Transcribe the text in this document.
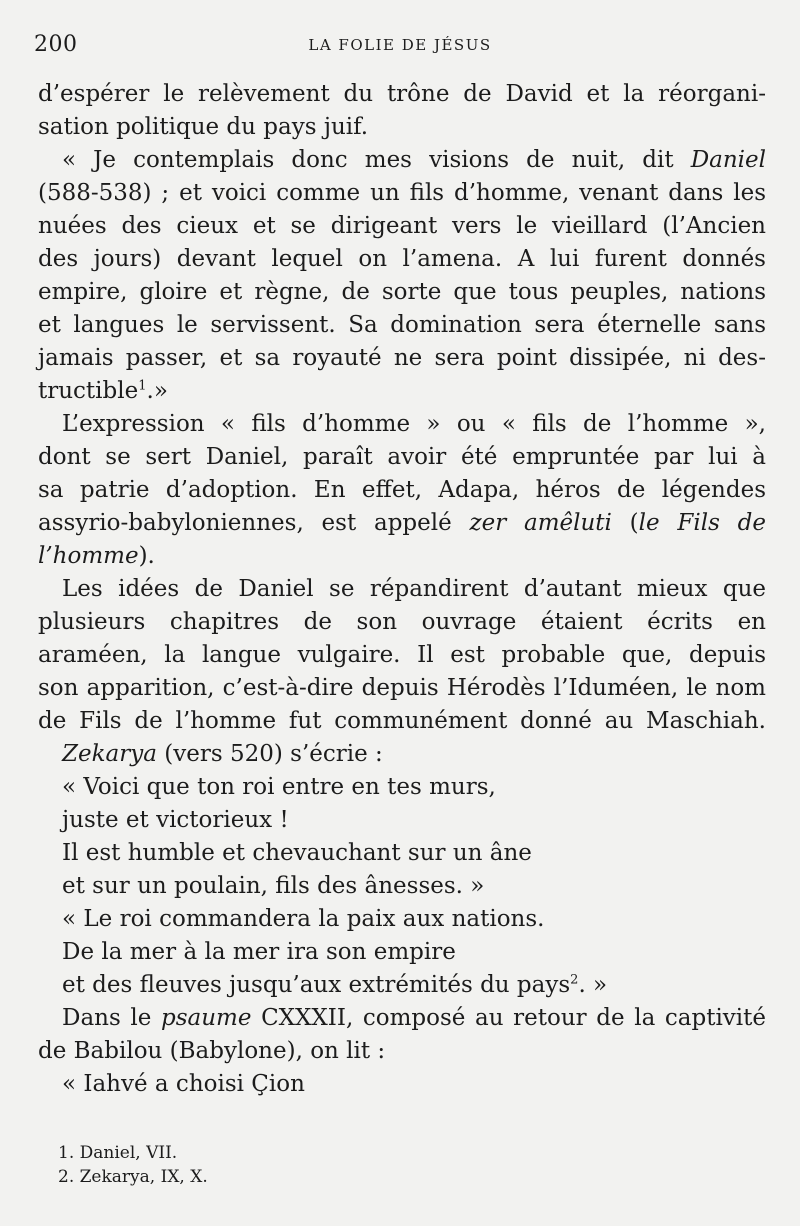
200	LA FOLIE DE JÉSUS
d’espérer le relèvement du trône de David et la réorgani-
sation politique du pays juif.
« Je contemplais donc mes visions de nuit, dit Daniel
(588-538) ; et voici comme un fils d’homme, venant dans les
nuées des cieux et se dirigeant vers le vieillard (l’Ancien
des jours) devant lequel on l’amena. A lui furent donnés
empire, gloire et règne, de sorte que tous peuples, nations
et langues le servissent. Sa domination sera éternelle sans
jamais passer, et sa royauté ne sera point dissipée, ni des-
tructible$^1$.»
L’expression « fils d’homme » ou « fils de l’homme »,
dont se sert Daniel, paraît avoir été empruntée par lui à
sa patrie d’adoption. En effet, Adapa, héros de légendes
assyrio-babyloniennes, est appelé zer amêluti (le Fils de
l’homme).
Les idées de Daniel se répandirent d’autant mieux que
plusieurs chapitres de son ouvrage étaient écrits en
araméen, la langue vulgaire. Il est probable que, depuis
son apparition, c’est-à-dire depuis Hérodès l’Iduméen, le nom
de Fils de l’homme fut communément donné au Maschiah.
Zekarya (vers 520) s’écrie :
« Voici que ton roi entre en tes murs,
juste et victorieux !
Il est humble et chevauchant sur un âne
et sur un poulain, fils des ânesses. »
« Le roi commandera la paix aux nations.
De la mer à la mer ira son empire
et des fleuves jusqu’aux extrémités du pays$^2$. »
Dans le psaume CXXXII, composé au retour de la captivité
de Babilou (Babylone), on lit :
« Iahvé a choisi Çion
1. Daniel, VII.
2. Zekarya, IX, X.
